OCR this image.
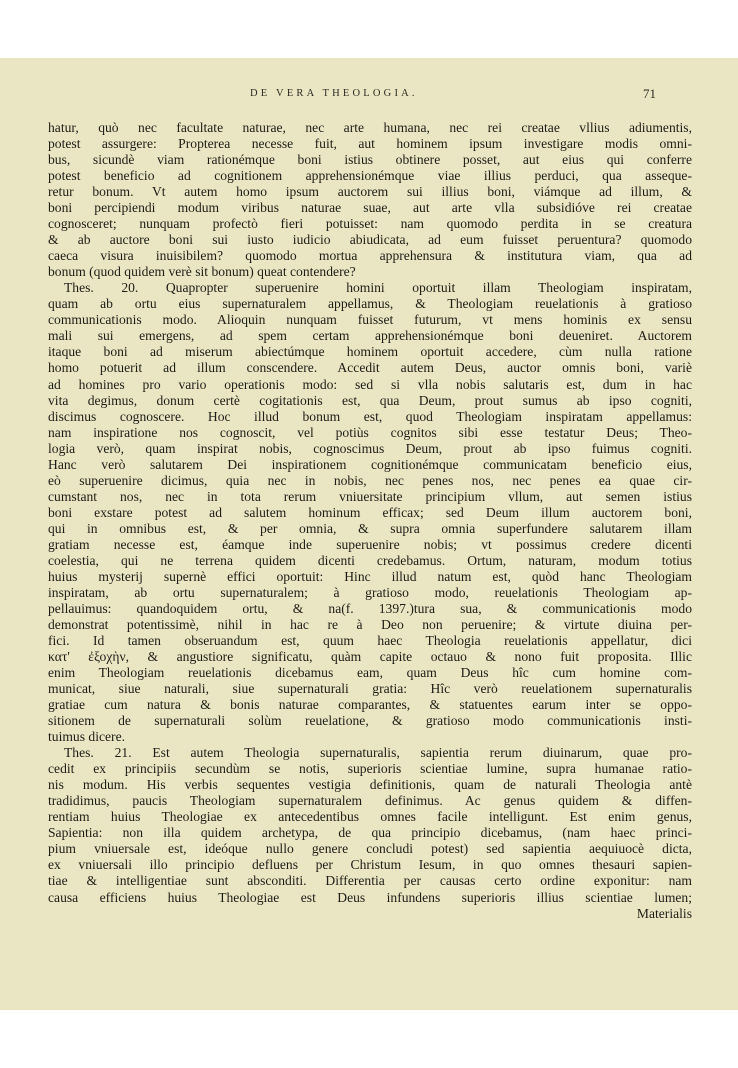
DE VERA THEOLOGIA.	71
hatur, quò nec facultate naturae, nec arte humana, nec rei creatae vllius adiumentis,
potest assurgere: Propterea necesse fuit, aut hominem ipsum investigare modis omni-
bus, sicundè viam rationémque boni istius obtinere posset, aut eius qui conferre
potest beneficio ad cognitionem apprehensionémque viae illius perduci, qua asseque-
retur bonum. Vt autem homo ipsum auctorem sui illius boni, viámque ad illum, &
boni percipiendi modum viribus naturae suae, aut arte vlla subsidióve rei creatae
cognosceret; nunquam profectò fieri potuisset: nam quomodo perdita in se creatura
& ab auctore boni sui iusto iudicio abiudicata, ad eum fuisset peruentura? quomodo
caeca visura inuisibilem? quomodo mortua apprehensura & institutura viam, qua ad
bonum (quod quidem verè sit bonum) queat contendere?
Thes. 20. Quapropter superuenire homini oportuit illam Theologiam inspiratam,
quam ab ortu eius supernaturalem appellamus, & Theologiam reuelationis à gratioso
communicationis modo. Alioquin nunquam fuisset futurum, vt mens hominis ex sensu
mali sui emergens, ad spem certam apprehensionémque boni deueniret. Auctorem
itaque boni ad miserum abiectúmque hominem oportuit accedere, cùm nulla ratione
homo potuerit ad illum conscendere. Accedit autem Deus, auctor omnis boni, variè
ad homines pro vario operationis modo: sed si vlla nobis salutaris est, dum in hac
vita degimus, donum certè cogitationis est, qua Deum, prout sumus ab ipso cogniti,
discimus cognoscere. Hoc illud bonum est, quod Theologiam inspiratam appellamus:
nam inspiratione nos cognoscit, vel potiùs cognitos sibi esse testatur Deus; Theo-
logia verò, quam inspirat nobis, cognoscimus Deum, prout ab ipso fuimus cogniti.
Hanc verò salutarem Dei inspirationem cognitionémque communicatam beneficio eius,
eò superuenire dicimus, quia nec in nobis, nec penes nos, nec penes ea quae cir-
cumstant nos, nec in tota rerum vniuersitate principium vllum, aut semen istius
boni exstare potest ad salutem hominum efficax; sed Deum illum auctorem boni,
qui in omnibus est, & per omnia, & supra omnia superfundere salutarem illam
gratiam necesse est, éamque inde superuenire nobis; vt possimus credere dicenti
coelestia, qui ne terrena quidem dicenti credebamus. Ortum, naturam, modum totius
huius mysterij supernè effici oportuit: Hinc illud natum est, quòd hanc Theologiam
inspiratam, ab ortu supernaturalem; à gratioso modo, reuelationis Theologiam ap-
pellauimus: quandoquidem ortu, & na(f. 1397.)tura sua, & communicationis modo
demonstrat potentissimè, nihil in hac re à Deo non peruenire; & virtute diuina per-
fici. Id tamen obseruandum est, quum haec Theologia reuelationis appellatur, dici
κατ' ἐξοχὴν, & angustiore significatu, quàm capite octauo & nono fuit proposita. Illic
enim Theologiam reuelationis dicebamus eam, quam Deus hîc cum homine com-
municat, siue naturali, siue supernaturali gratia: Hîc verò reuelationem supernaturalis
gratiae cum natura & bonis naturae comparantes, & statuentes earum inter se oppo-
sitionem de supernaturali solùm reuelatione, & gratioso modo communicationis insti-
tuimus dicere.
Thes. 21. Est autem Theologia supernaturalis, sapientia rerum diuinarum, quae pro-
cedit ex principiis secundùm se notis, superioris scientiae lumine, supra humanae ratio-
nis modum. His verbis sequentes vestigia definitionis, quam de naturali Theologia antè
tradidimus, paucis Theologiam supernaturalem definimus. Ac genus quidem & diffen-
rentiam huius Theologiae ex antecedentibus omnes facile intelligunt. Est enim genus,
Sapientia: non illa quidem archetypa, de qua principio dicebamus, (nam haec princi-
pium vniuersale est, ideóque nullo genere concludi potest) sed sapientia aequiuocè dicta,
ex vniuersali illo principio defluens per Christum Iesum, in quo omnes thesauri sapien-
tiae & intelligentiae sunt absconditi. Differentia per causas certo ordine exponitur: nam
causa efficiens huius Theologiae est Deus infundens superioris illius scientiae lumen;
Materialis
